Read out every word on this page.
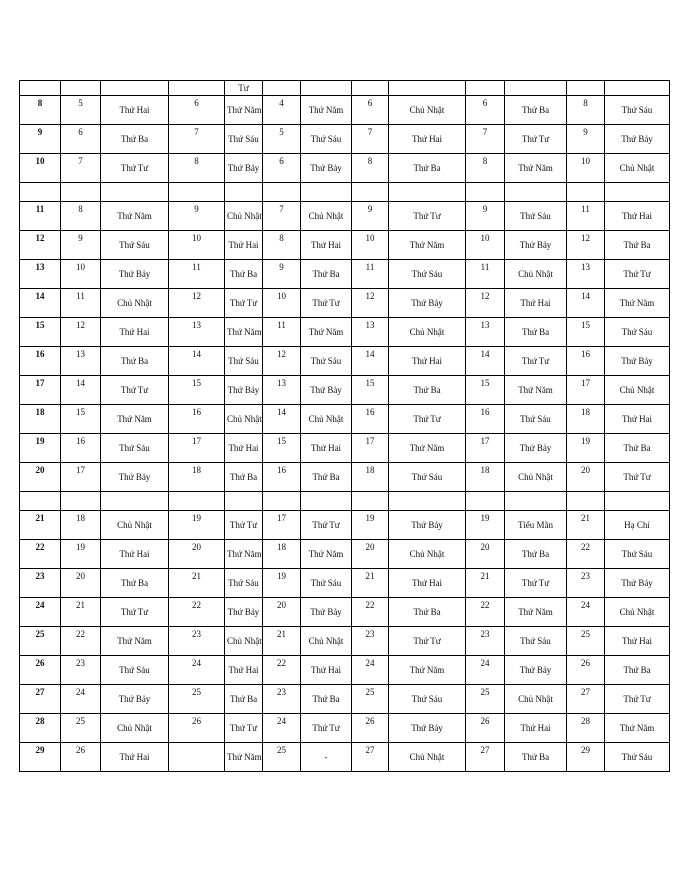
				Tư								
8	5	Thứ Hai	6	Thứ Năm	4	Thứ Năm	6	Chủ Nhật	6	Thứ Ba	8	Thứ Sáu
9	6	Thứ Ba	7	Thứ Sáu	5	Thứ Sáu	7	Thứ Hai	7	Thứ Tư	9	Thứ Bảy
10	7	Thứ Tư	8	Thứ Bảy	6	Thứ Bảy	8	Thứ Ba	8	Thứ Năm	10	Chủ Nhật

11	8	Thứ Năm	9	Chủ Nhật	7	Chủ Nhật	9	Thứ Tư	9	Thứ Sáu	11	Thứ Hai
12	9	Thứ Sáu	10	Thứ Hai	8	Thứ Hai	10	Thứ Năm	10	Thứ Bảy	12	Thứ Ba
13	10	Thứ Bảy	11	Thứ Ba	9	Thứ Ba	11	Thứ Sáu	11	Chủ Nhật	13	Thứ Tư
14	11	Chủ Nhật	12	Thứ Tư	10	Thứ Tư	12	Thứ Bảy	12	Thứ Hai	14	Thứ Năm
15	12	Thứ Hai	13	Thứ Năm	11	Thứ Năm	13	Chủ Nhật	13	Thứ Ba	15	Thứ Sáu
16	13	Thứ Ba	14	Thứ Sáu	12	Thứ Sáu	14	Thứ Hai	14	Thứ Tư	16	Thứ Bảy
17	14	Thứ Tư	15	Thứ Bảy	13	Thứ Bảy	15	Thứ Ba	15	Thứ Năm	17	Chủ Nhật
18	15	Thứ Năm	16	Chủ Nhật	14	Chủ Nhật	16	Thứ Tư	16	Thứ Sáu	18	Thứ Hai
19	16	Thứ Sáu	17	Thứ Hai	15	Thứ Hai	17	Thứ Năm	17	Thứ Bảy	19	Thứ Ba
20	17	Thứ Bảy	18	Thứ Ba	16	Thứ Ba	18	Thứ Sáu	18	Chủ Nhật	20	Thứ Tư

21	18	Chủ Nhật	19	Thứ Tư	17	Thứ Tư	19	Thứ Bảy	19	Tiểu Mãn	21	Hạ Chí
22	19	Thứ Hai	20	Thứ Năm	18	Thứ Năm	20	Chủ Nhật	20	Thứ Ba	22	Thứ Sáu
23	20	Thứ Ba	21	Thứ Sáu	19	Thứ Sáu	21	Thứ Hai	21	Thứ Tư	23	Thứ Bảy
24	21	Thứ Tư	22	Thứ Bảy	20	Thứ Bảy	22	Thứ Ba	22	Thứ Năm	24	Chủ Nhật
25	22	Thứ Năm	23	Chủ Nhật	21	Chủ Nhật	23	Thứ Tư	23	Thứ Sáu	25	Thứ Hai
26	23	Thứ Sáu	24	Thứ Hai	22	Thứ Hai	24	Thứ Năm	24	Thứ Bảy	26	Thứ Ba
27	24	Thứ Bảy	25	Thứ Ba	23	Thứ Ba	25	Thứ Sáu	25	Chủ Nhật	27	Thứ Tư
28	25	Chủ Nhật	26	Thứ Tư	24	Thứ Tư	26	Thứ Bảy	26	Thứ Hai	28	Thứ Năm
29	26	Thứ Hai		Thứ Năm	25	-	27	Chủ Nhật	27	Thứ Ba	29	Thứ Sáu
